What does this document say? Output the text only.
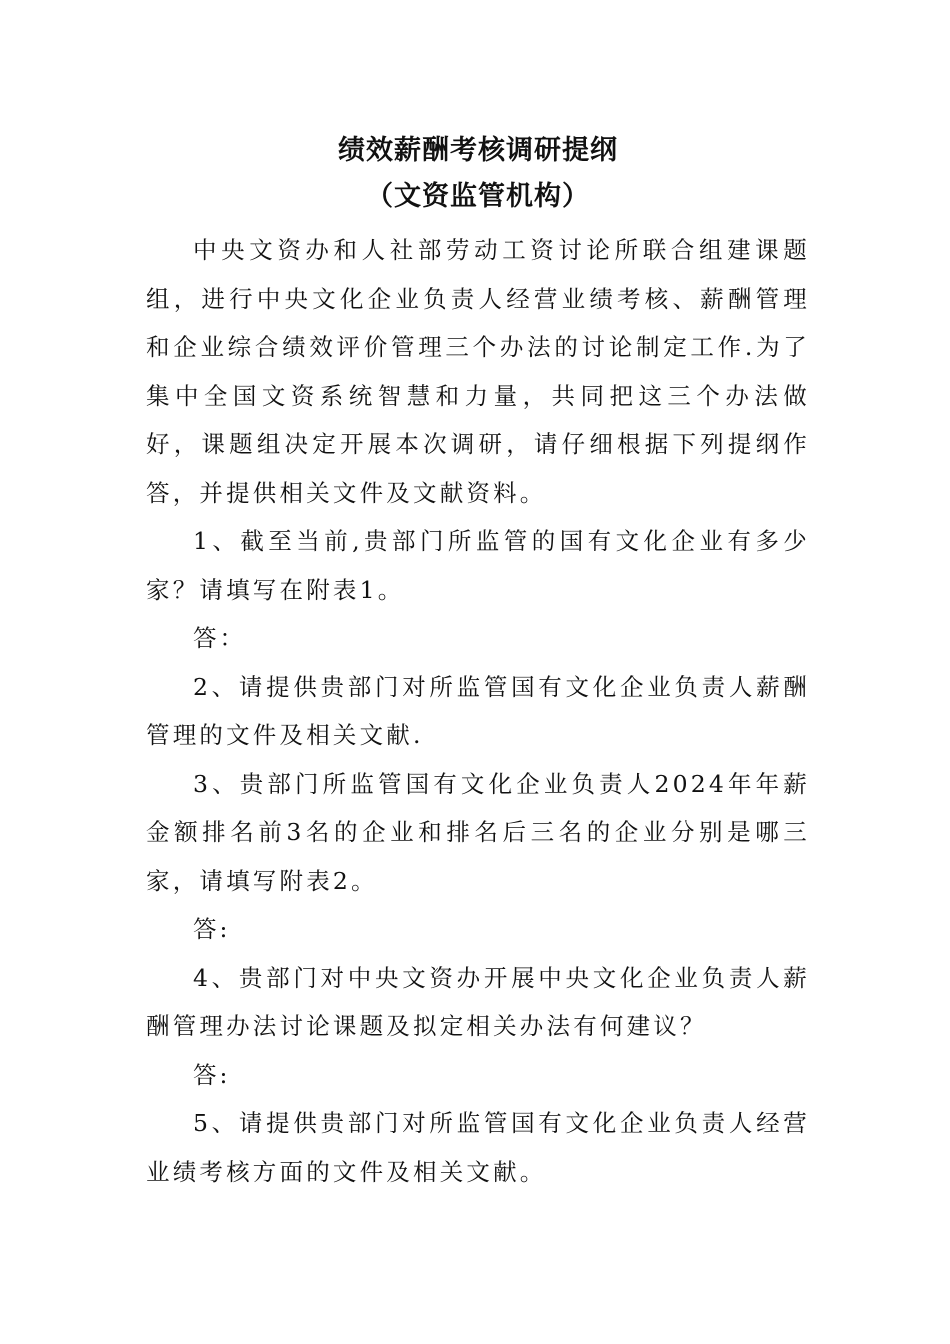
绩效薪酬考核调研提纲
（文资监管机构）

中央文资办和人社部劳动工资讨论所联合组建课题组，进行中央文化企业负责人经营业绩考核、薪酬管理和企业综合绩效评价管理三个办法的讨论制定工作.为了集中全国文资系统智慧和力量，共同把这三个办法做好，课题组决定开展本次调研，请仔细根据下列提纲作答，并提供相关文件及文献资料。

1、截至当前,贵部门所监管的国有文化企业有多少家？请填写在附表1。

答：

2、请提供贵部门对所监管国有文化企业负责人薪酬管理的文件及相关文献.

3、贵部门所监管国有文化企业负责人2024年年薪金额排名前3名的企业和排名后三名的企业分别是哪三家，请填写附表2。

答:

4、贵部门对中央文资办开展中央文化企业负责人薪酬管理办法讨论课题及拟定相关办法有何建议？

答:

5、请提供贵部门对所监管国有文化企业负责人经营业绩考核方面的文件及相关文献。
